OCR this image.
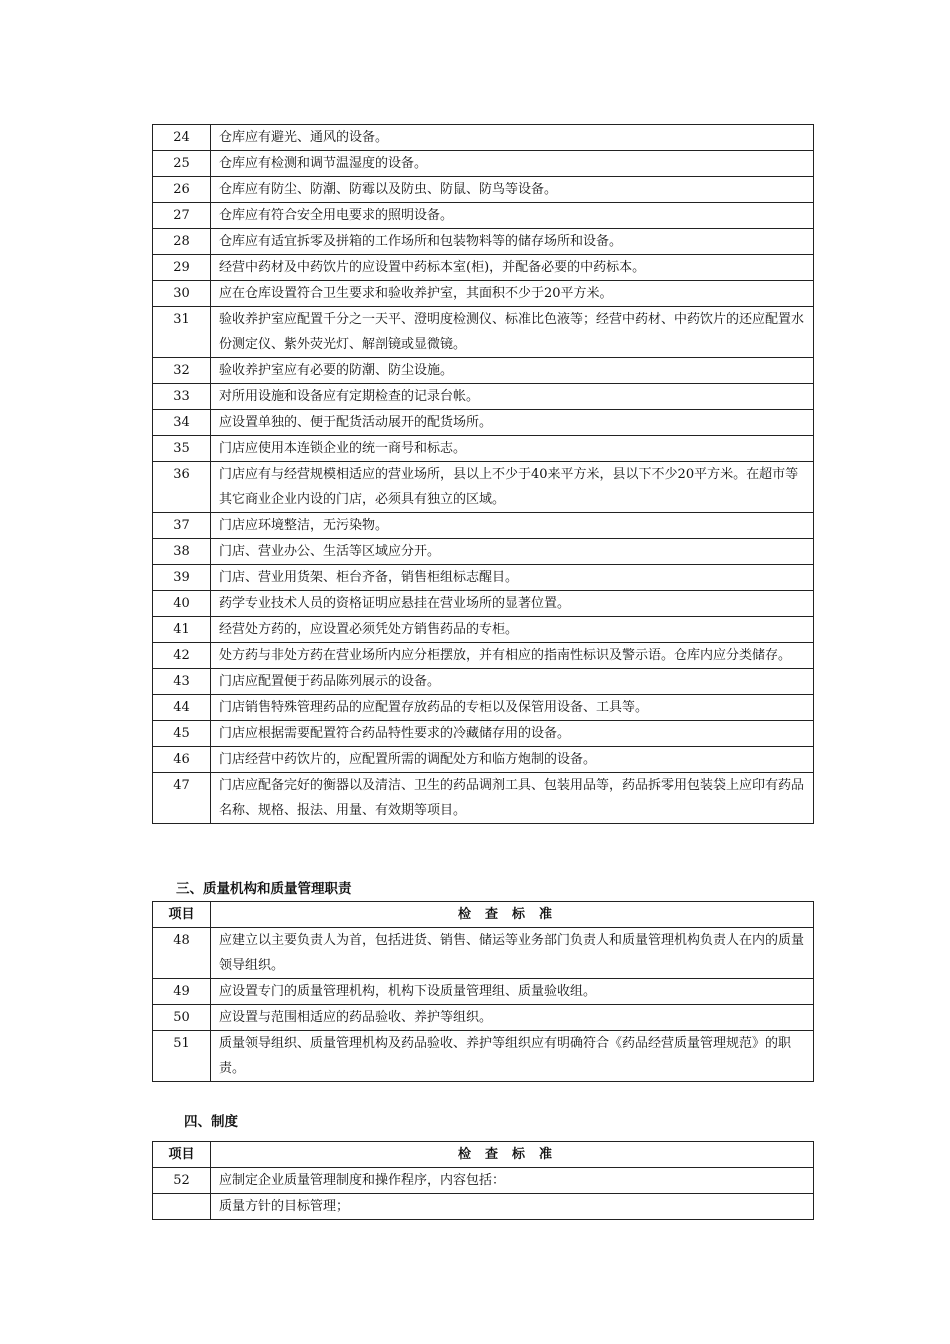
24	仓库应有避光、通风的设备。
25	仓库应有检测和调节温湿度的设备。
26	仓库应有防尘、防潮、防霉以及防虫、防鼠、防鸟等设备。
27	仓库应有符合安全用电要求的照明设备。
28	仓库应有适宜拆零及拼箱的工作场所和包装物料等的储存场所和设备。
29	经营中药材及中药饮片的应设置中药标本室(柜)，并配备必要的中药标本。
30	应在仓库设置符合卫生要求和验收养护室，其面积不少于20平方米。
31	验收养护室应配置千分之一天平、澄明度检测仪、标准比色液等；经营中药材、中药饮片的还应配置水份测定仪、紫外荧光灯、解剖镜或显微镜。
32	验收养护室应有必要的防潮、防尘设施。
33	对所用设施和设备应有定期检查的记录台帐。
34	应设置单独的、便于配货活动展开的配货场所。
35	门店应使用本连锁企业的统一商号和标志。
36	门店应有与经营规模相适应的营业场所，县以上不少于40来平方米，县以下不少20平方米。在超市等其它商业企业内设的门店，必须具有独立的区域。
37	门店应环境整洁，无污染物。
38	门店、营业办公、生活等区域应分开。
39	门店、营业用货架、柜台齐备，销售柜组标志醒目。
40	药学专业技术人员的资格证明应悬挂在营业场所的显著位置。
41	经营处方药的，应设置必须凭处方销售药品的专柜。
42	处方药与非处方药在营业场所内应分柜摆放，并有相应的指南性标识及警示语。仓库内应分类储存。
43	门店应配置便于药品陈列展示的设备。
44	门店销售特殊管理药品的应配置存放药品的专柜以及保管用设备、工具等。
45	门店应根据需要配置符合药品特性要求的冷藏储存用的设备。
46	门店经营中药饮片的，应配置所需的调配处方和临方炮制的设备。
47	门店应配备完好的衡器以及清洁、卫生的药品调剂工具、包装用品等，药品拆零用包装袋上应印有药品名称、规格、报法、用量、有效期等项目。
三、质量机构和质量管理职责
项目	检查标准
48	应建立以主要负责人为首，包括进货、销售、储运等业务部门负责人和质量管理机构负责人在内的质量领导组织。
49	应设置专门的质量管理机构，机构下设质量管理组、质量验收组。
50	应设置与范围相适应的药品验收、养护等组织。
51	质量领导组织、质量管理机构及药品验收、养护等组织应有明确符合《药品经营质量管理规范》的职责。
四、制度
项目	检查标准
52	应制定企业质量管理制度和操作程序，内容包括：
	质量方针的目标管理；
